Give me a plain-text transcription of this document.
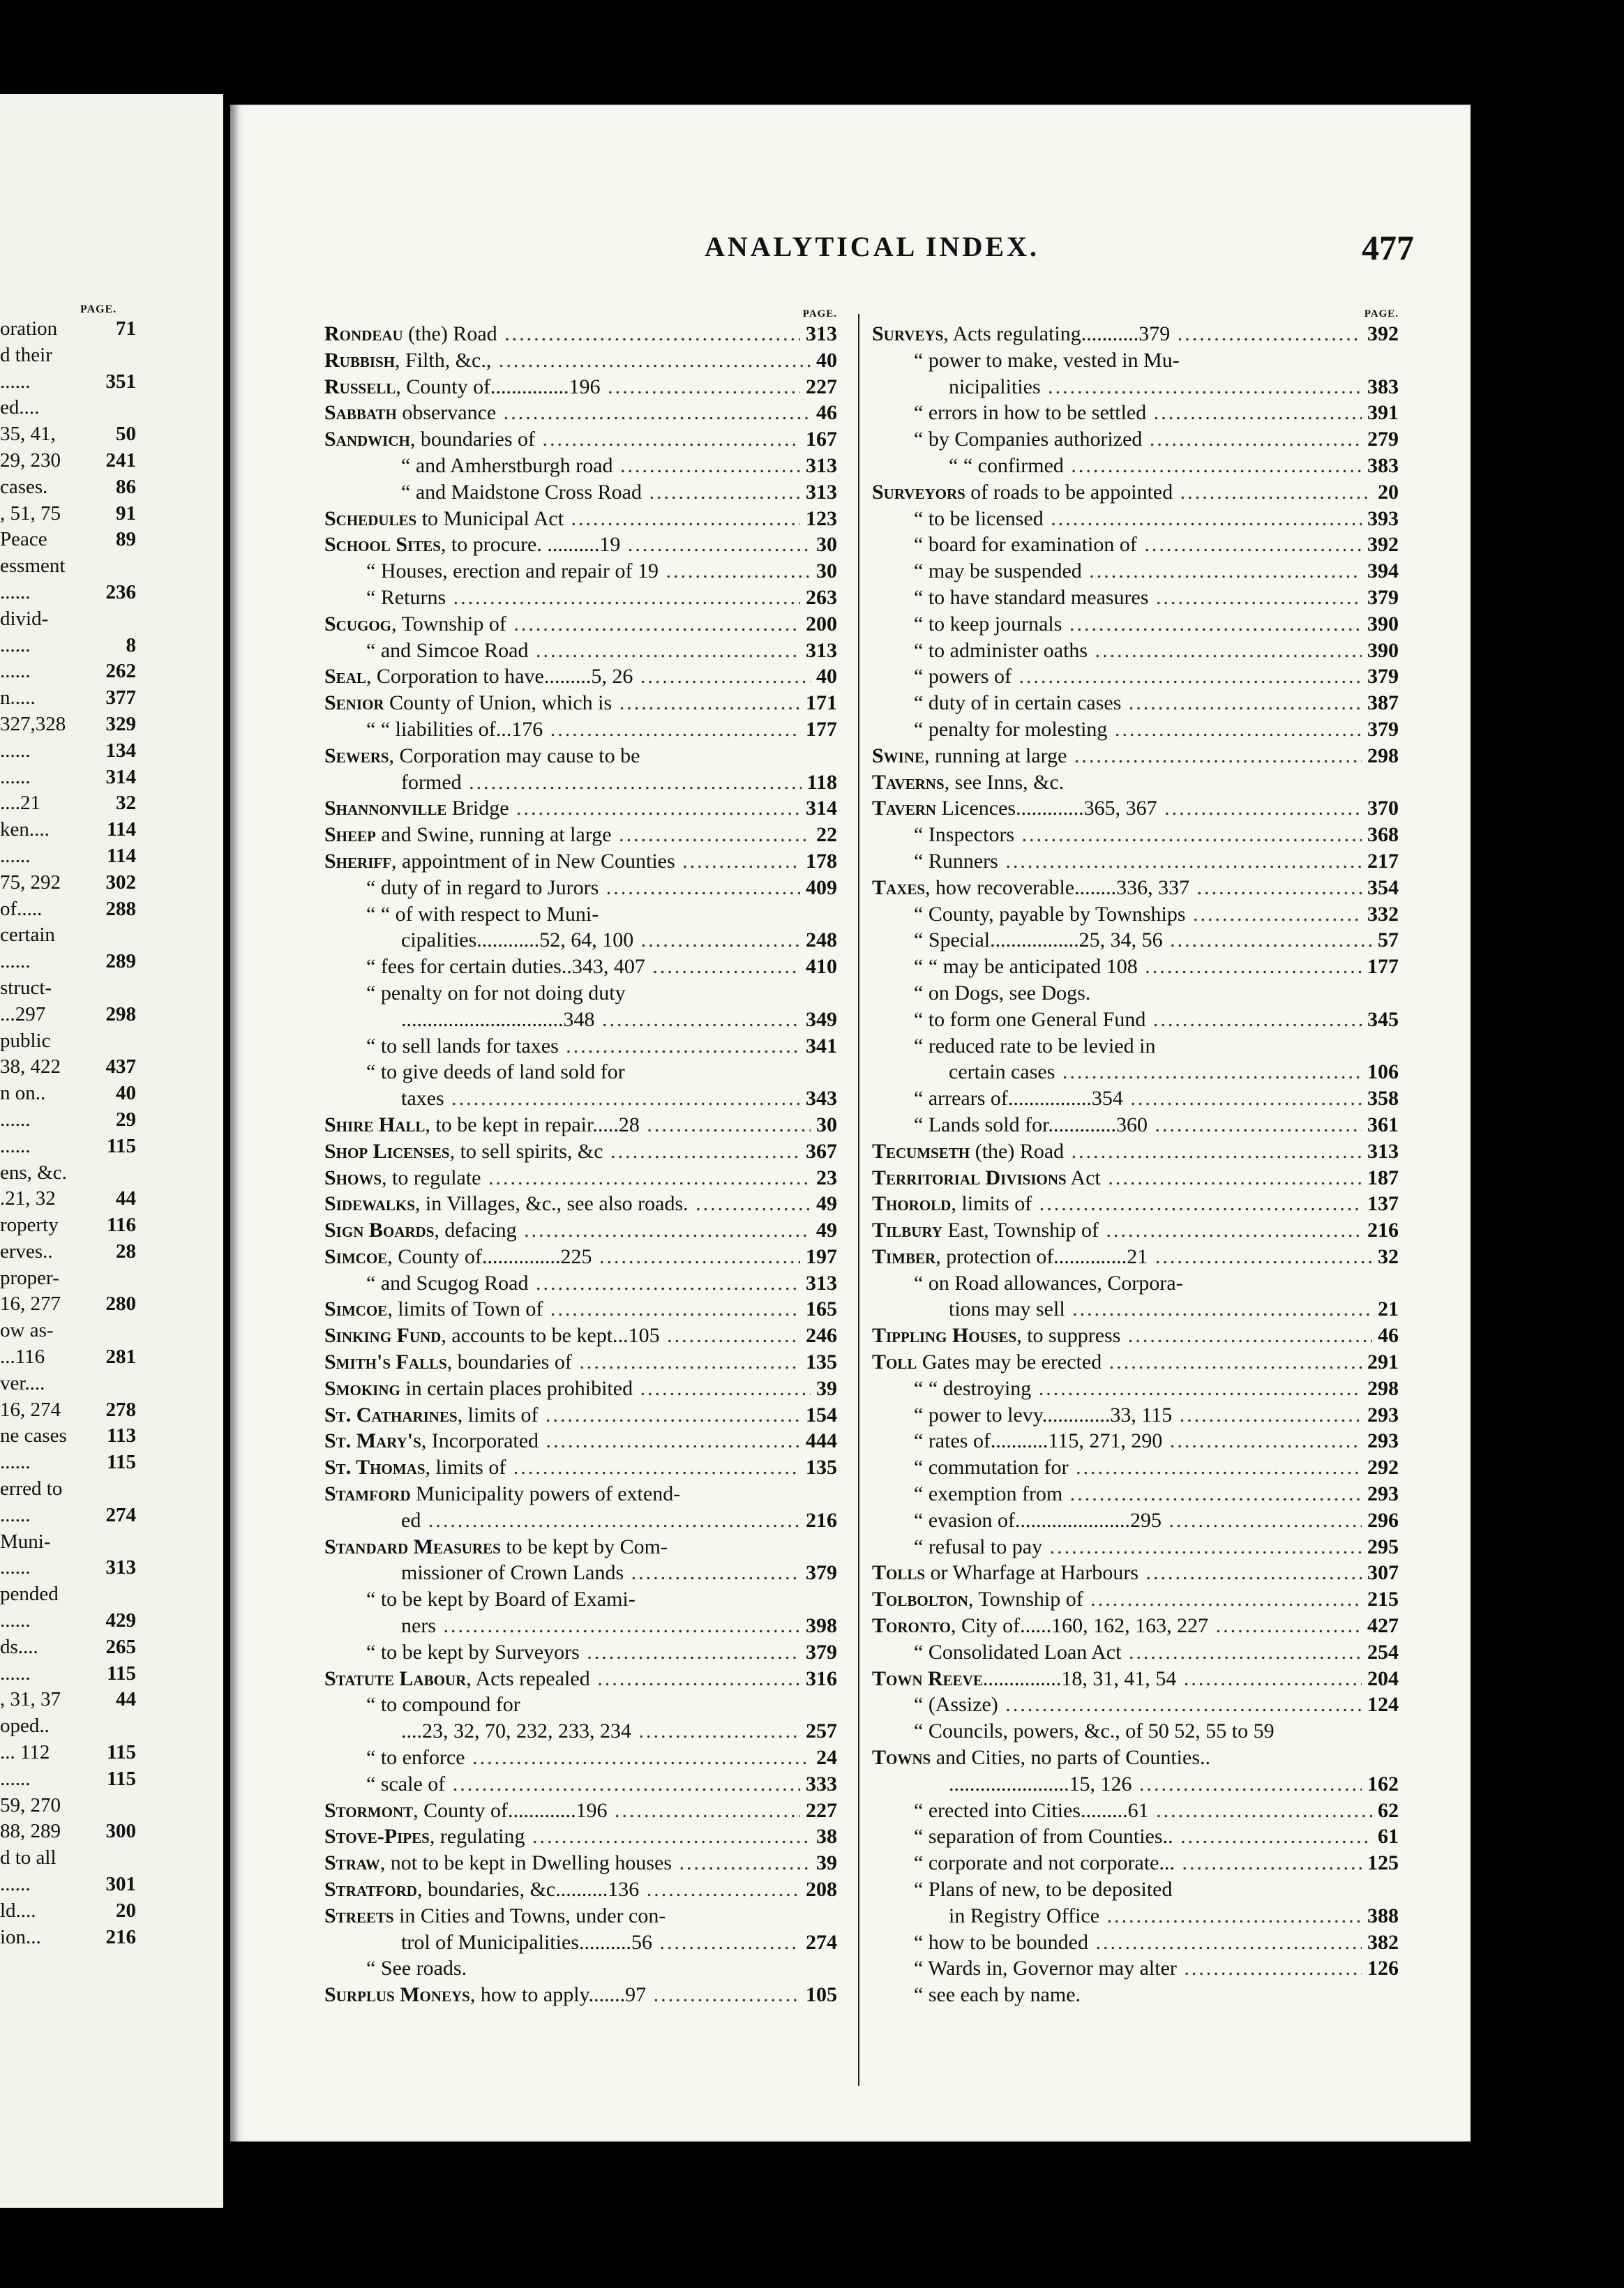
PAGE.
oration	71
d their
......	351
ed....
35, 41,	50
29, 230 241
cases.	86
, 51, 75	91
Peace	89
essment
......	236
divid-
......	8
......	262
n.....	377
327,328 329
......	134
......	314
....21	32
ken....	114
......	114
75, 292 302
of.....	288
certain
......	289
struct-
...297	298
public
38, 422 437
n on..	40
......	29
......	115
ens, &c.
.21, 32	44
roperty 116
erves..	28
proper-
16, 277 280
ow as-
...116	281
ver....
16, 274 278
ne cases 113
......	115
erred to
......	274
Muni-
......	313
pended
......	429
ds....	265
......	115
, 31, 37	44
oped..
... 112	115
......	115
59, 270
88, 289 300
d to all
......	301
ld....	20
ion...	216
ANALYTICAL INDEX.	477
PAGE.
Rondeau (the) Road .....	313
Rubbish, Filth, &c., .....	40
Russell, County of...............196 .....	227
Sabbath observance .....	46
Sandwich, boundaries of .....	167
“ and Amherstburgh road .....	313
“ and Maidstone Cross Road .....	313
Schedules to Municipal Act .....	123
School Sites, to procure. ..........19 .....	30
“ Houses, erection and repair of 19 .....	30
“ Returns .....	263
Scugog, Township of .....	200
“ and Simcoe Road .....	313
Seal, Corporation to have.........5, 26 .....	40
Senior County of Union, which is .....	171
“ “ liabilities of...176 .....	177
Sewers, Corporation may cause to be
formed .....	118
Shannonville Bridge .....	314
Sheep and Swine, running at large .....	22
Sheriff, appointment of in New Counties .....	178
“ duty of in regard to Jurors .....	409
“ “ of with respect to Muni-
cipalities............52, 64, 100 .....	248
“ fees for certain duties..343, 407 .....	410
“ penalty on for not doing duty
...............................348 .....	349
“ to sell lands for taxes .....	341
“ to give deeds of land sold for
taxes .....	343
Shire Hall, to be kept in repair.....28 .....	30
Shop Licenses, to sell spirits, &c .....	367
Shows, to regulate .....	23
Sidewalks, in Villages, &c., see also roads. .....	49
Sign Boards, defacing .....	49
Simcoe, County of...............225 .....	197
“ and Scugog Road .....	313
Simcoe, limits of Town of .....	165
Sinking Fund, accounts to be kept...105 .....	246
Smith's Falls, boundaries of .....	135
Smoking in certain places prohibited .....	39
St. Catharines, limits of .....	154
St. Mary's, Incorporated .....	444
St. Thomas, limits of .....	135
Stamford Municipality powers of extend-
ed .....	216
Standard Measures to be kept by Com-
missioner of Crown Lands .....	379
“ to be kept by Board of Exami-
ners .....	398
“ to be kept by Surveyors .....	379
Statute Labour, Acts repealed .....	316
“ to compound for
....23, 32, 70, 232, 233, 234 .....	257
“ to enforce .....	24
“ scale of .....	333
Stormont, County of.............196 .....	227
Stove-Pipes, regulating .....	38
Straw, not to be kept in Dwelling houses .....	39
Stratford, boundaries, &c..........136 .....	208
Streets in Cities and Towns, under con-
trol of Municipalities..........56 .....	274
“ See roads.
Surplus Moneys, how to apply.......97 .....	105
PAGE.
Surveys, Acts regulating...........379 .....	392
“ power to make, vested in Mu-
nicipalities .....	383
“ errors in how to be settled .....	391
“ by Companies authorized .....	279
“ “ confirmed .....	383
Surveyors of roads to be appointed .....	20
“ to be licensed .....	393
“ board for examination of .....	392
“ may be suspended .....	394
“ to have standard measures .....	379
“ to keep journals .....	390
“ to administer oaths .....	390
“ powers of .....	379
“ duty of in certain cases .....	387
“ penalty for molesting .....	379
Swine, running at large .....	298
Taverns, see Inns, &c.
Tavern Licences.............365, 367 .....	370
“ Inspectors .....	368
“ Runners .....	217
Taxes, how recoverable........336, 337 .....	354
“ County, payable by Townships .....	332
“ Special.................25, 34, 56 .....	57
“ “ may be anticipated 108 .....	177
“ on Dogs, see Dogs.
“ to form one General Fund .....	345
“ reduced rate to be levied in
certain cases .....	106
“ arrears of................354 .....	358
“ Lands sold for.............360 .....	361
Tecumseth (the) Road .....	313
Territorial Divisions Act .....	187
Thorold, limits of .....	137
Tilbury East, Township of .....	216
Timber, protection of..............21 .....	32
“ on Road allowances, Corpora-
tions may sell .....	21
Tippling Houses, to suppress .....	46
Toll Gates may be erected .....	291
“ “ destroying .....	298
“ power to levy.............33, 115 .....	293
“ rates of...........115, 271, 290 .....	293
“ commutation for .....	292
“ exemption from .....	293
“ evasion of......................295 .....	296
“ refusal to pay .....	295
Tolls or Wharfage at Harbours .....	307
Tolbolton, Township of .....	215
Toronto, City of......160, 162, 163, 227 .....	427
“ Consolidated Loan Act .....	254
Town Reeve...............18, 31, 41, 54 .....	204
“ (Assize) .....	124
“ Councils, powers, &c., of 50 52, 55 to 59
Towns and Cities, no parts of Counties..
.......................15, 126 .....	162
“ erected into Cities.........61 .....	62
“ separation of from Counties.. .....	61
“ corporate and not corporate... .....	125
“ Plans of new, to be deposited
in Registry Office .....	388
“ how to be bounded .....	382
“ Wards in, Governor may alter .....	126
“ see each by name.
